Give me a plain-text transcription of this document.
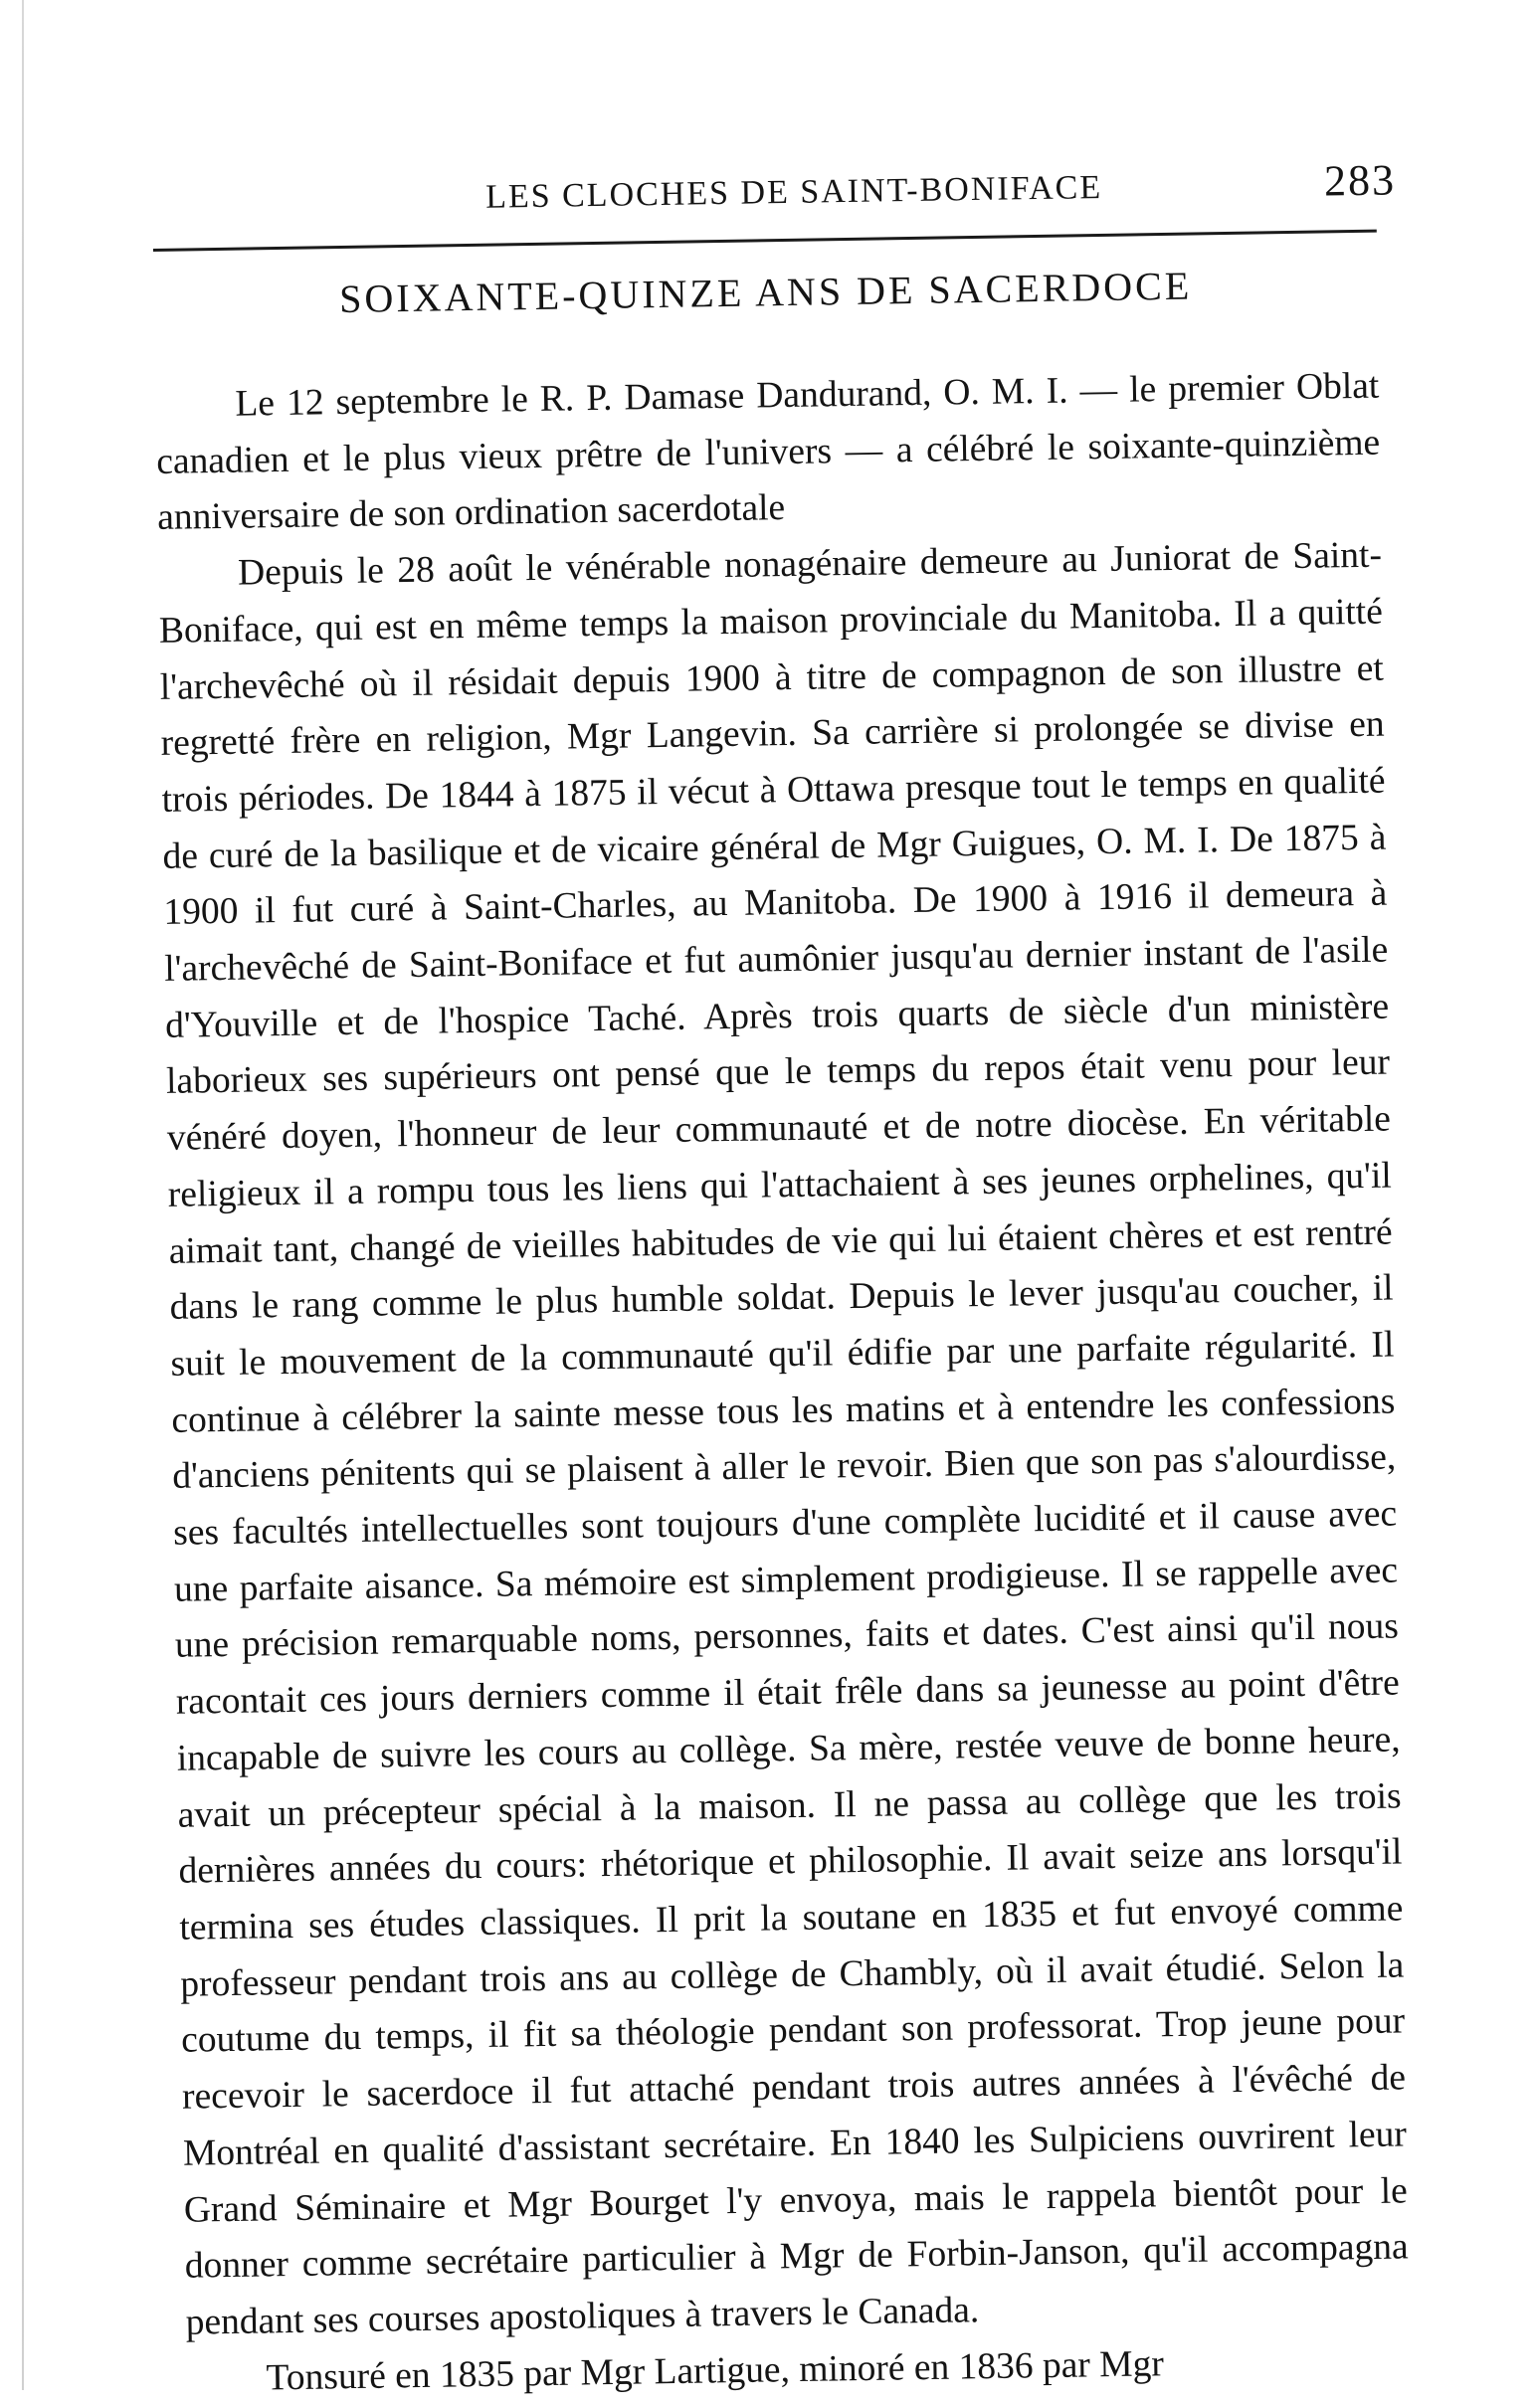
LES CLOCHES DE SAINT-BONIFACE	283
SOIXANTE-QUINZE ANS DE SACERDOCE

Le 12 septembre le R. P. Damase Dandurand, O. M. I. — le premier Oblat canadien et le plus vieux prêtre de l'univers — a célébré le soixante-quinzième anniversaire de son ordination sacerdotale

Depuis le 28 août le vénérable nonagénaire demeure au Juniorat de Saint-Boniface, qui est en même temps la maison provinciale du Manitoba. Il a quitté l'archevêché où il résidait depuis 1900 à titre de compagnon de son illustre et regretté frère en religion, Mgr Langevin. Sa carrière si prolongée se divise en trois périodes. De 1844 à 1875 il vécut à Ottawa presque tout le temps en qualité de curé de la basilique et de vicaire général de Mgr Guigues, O. M. I. De 1875 à 1900 il fut curé à Saint-Charles, au Manitoba. De 1900 à 1916 il demeura à l'archevêché de Saint-Boniface et fut aumônier jusqu'au dernier instant de l'asile d'Youville et de l'hospice Taché. Après trois quarts de siècle d'un ministère laborieux ses supérieurs ont pensé que le temps du repos était venu pour leur vénéré doyen, l'honneur de leur communauté et de notre diocèse. En véritable religieux il a rompu tous les liens qui l'attachaient à ses jeunes orphelines, qu'il aimait tant, changé de vieilles habitudes de vie qui lui étaient chères et est rentré dans le rang comme le plus humble soldat. Depuis le lever jusqu'au coucher, il suit le mouvement de la communauté qu'il édifie par une parfaite régularité. Il continue à célébrer la sainte messe tous les matins et à entendre les confessions d'anciens pénitents qui se plaisent à aller le revoir. Bien que son pas s'alourdisse, ses facultés intellectuelles sont toujours d'une complète lucidité et il cause avec une parfaite aisance. Sa mémoire est simplement prodigieuse. Il se rappelle avec une précision remarquable noms, personnes, faits et dates. C'est ainsi qu'il nous racontait ces jours derniers comme il était frêle dans sa jeunesse au point d'être incapable de suivre les cours au collège. Sa mère, restée veuve de bonne heure, avait un précepteur spécial à la maison. Il ne passa au collège que les trois dernières années du cours: rhétorique et philosophie. Il avait seize ans lorsqu'il termina ses études classiques. Il prit la soutane en 1835 et fut envoyé comme professeur pendant trois ans au collège de Chambly, où il avait étudié. Selon la coutume du temps, il fit sa théologie pendant son professorat. Trop jeune pour recevoir le sacerdoce il fut attaché pendant trois autres années à l'évêché de Montréal en qualité d'assistant secrétaire. En 1840 les Sulpiciens ouvrirent leur Grand Séminaire et Mgr Bourget l'y envoya, mais le rappela bientôt pour le donner comme secrétaire particulier à Mgr de Forbin-Janson, qu'il accompagna pendant ses courses apostoliques à travers le Canada.

Tonsuré en 1835 par Mgr Lartigue, minoré en 1836 par Mgr
